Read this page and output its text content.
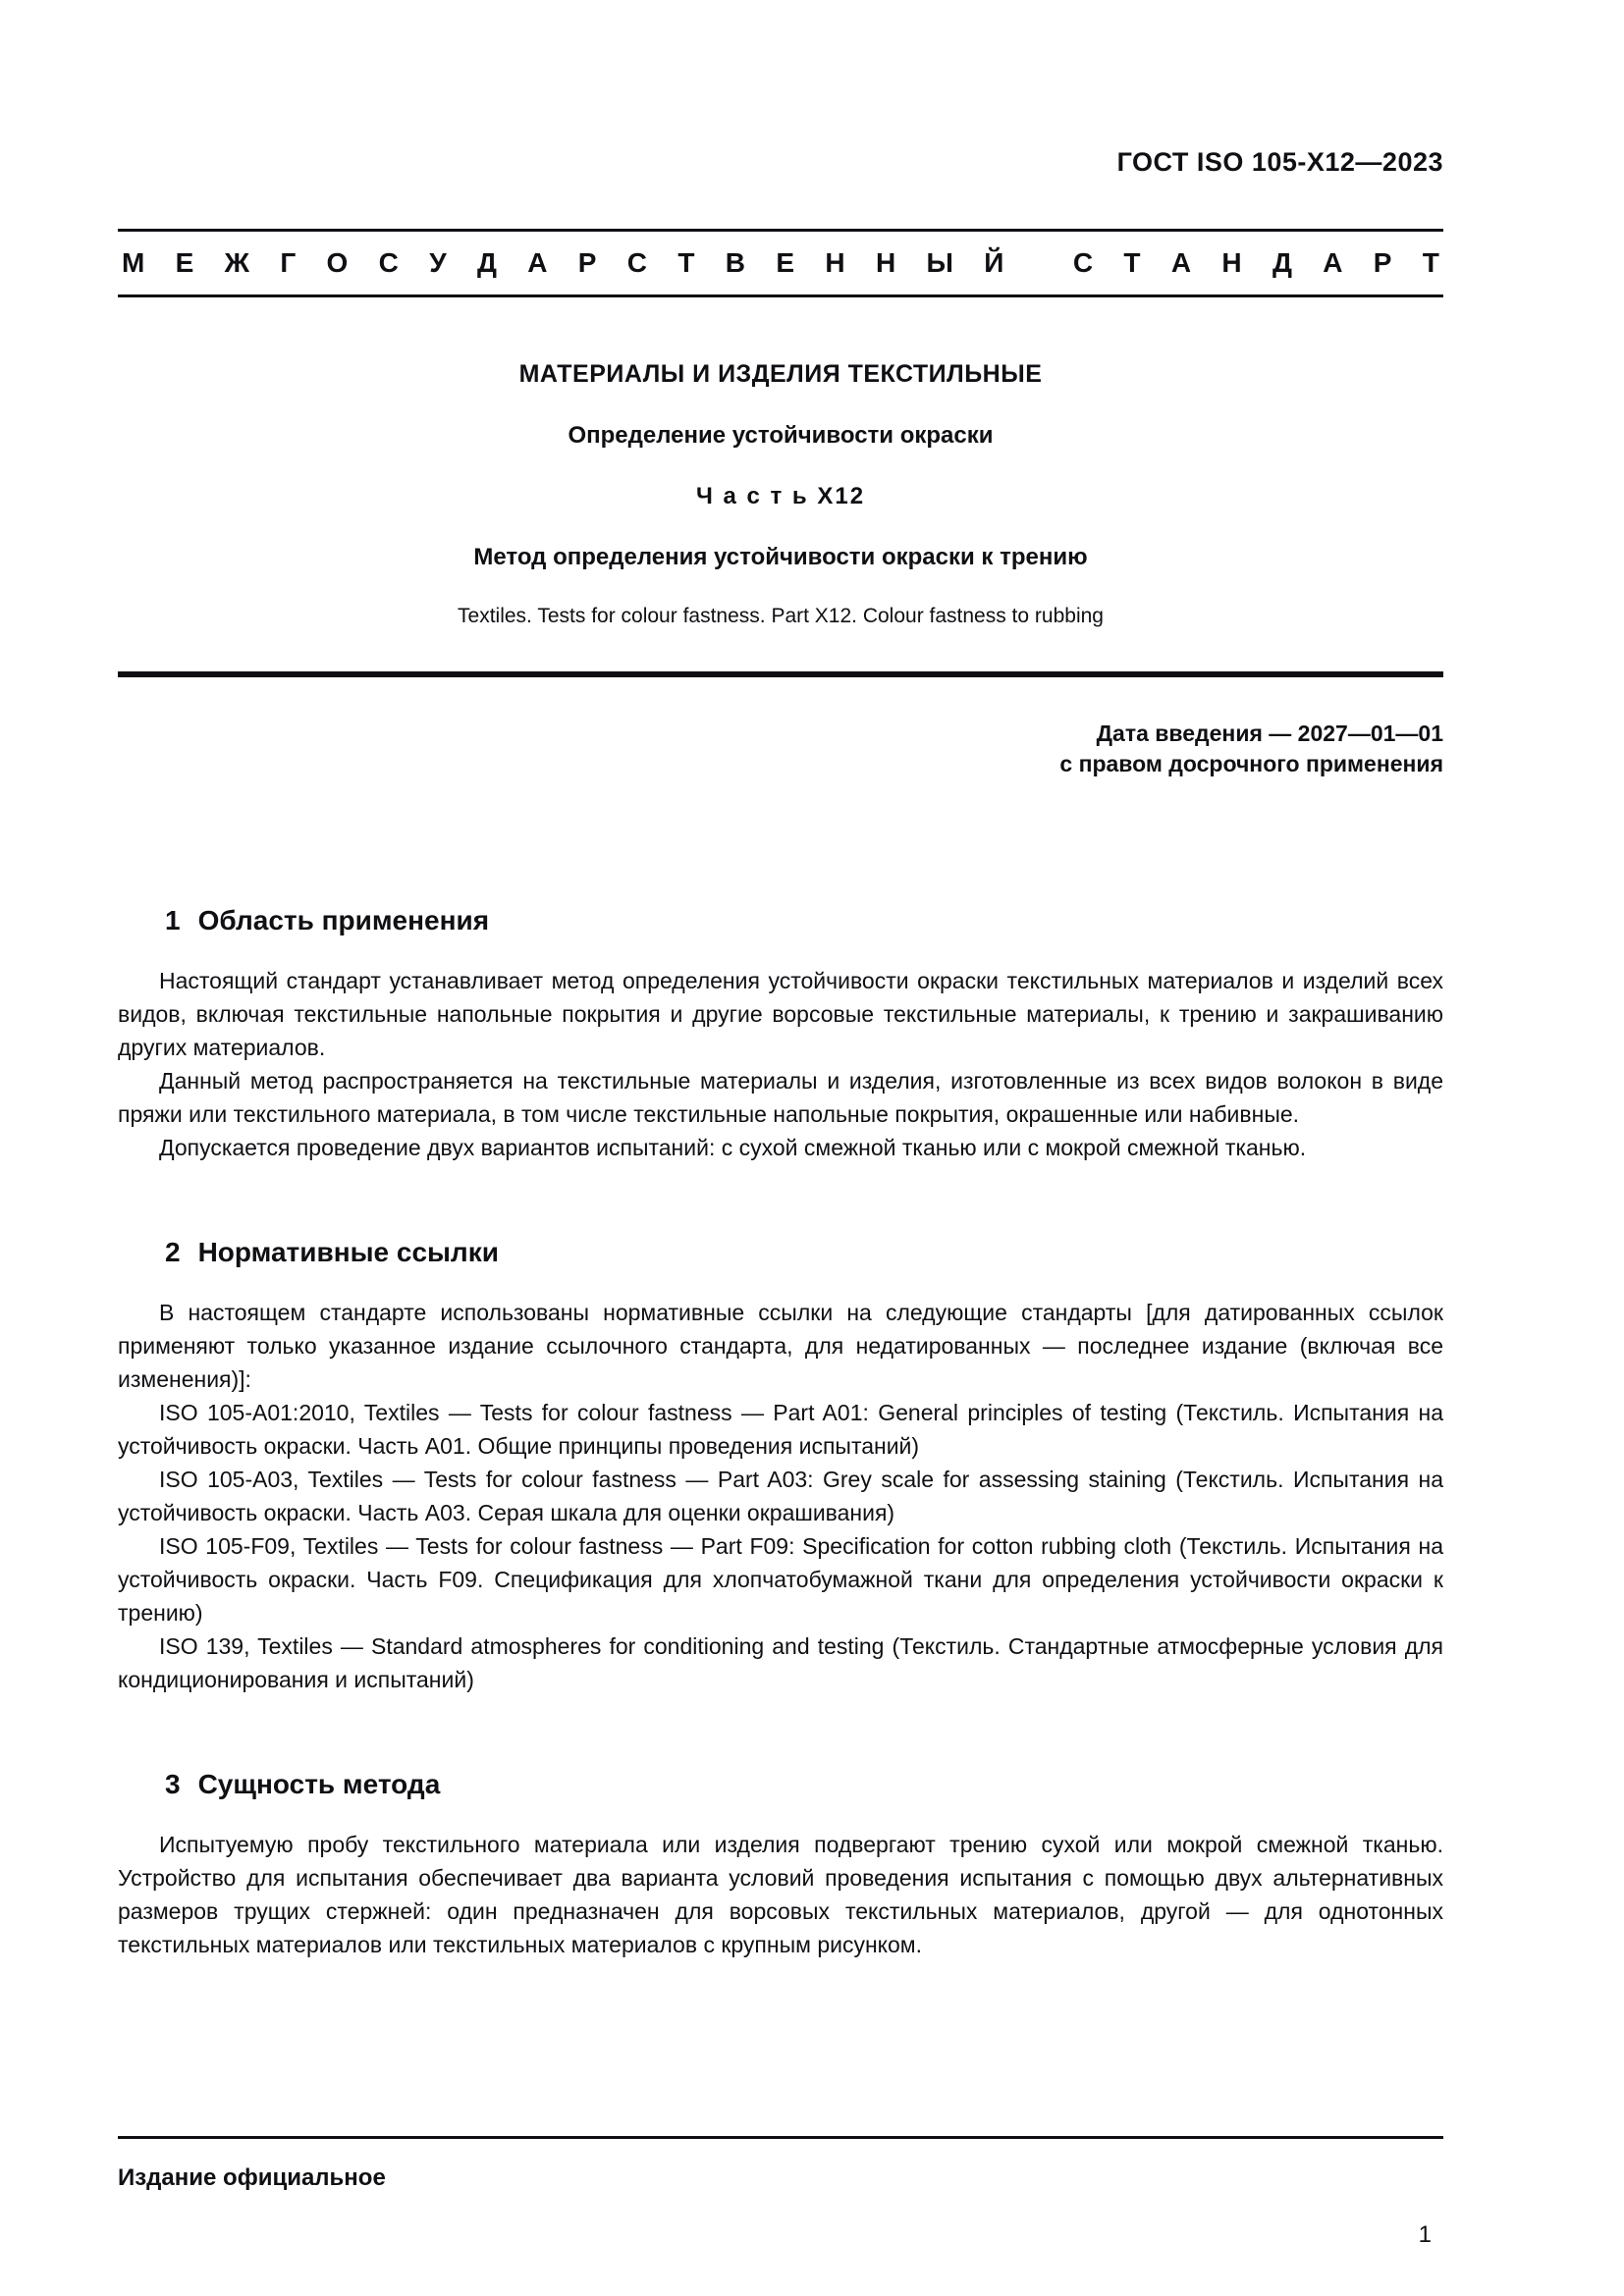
ГОСТ ISO 105-Х12—2023
М Е Ж Г О С У Д А Р С Т В Е Н Н Ы Й
	С Т А Н Д А Р Т
МАТЕРИАЛЫ И ИЗДЕЛИЯ ТЕКСТИЛЬНЫЕ
Определение устойчивости окраски
Ч а с т ь Х12
Метод определения устойчивости окраски к трению
Textiles. Tests for colour fastness. Part X12. Colour fastness to rubbing
Дата введения — 2027—01—01
с правом досрочного применения
1 Область применения

Настоящий стандарт устанавливает метод определения устойчивости окраски текстильных материалов и изделий всех видов, включая текстильные напольные покрытия и другие ворсовые текстильные материалы, к трению и закрашиванию других материалов.

Данный метод распространяется на текстильные материалы и изделия, изготовленные из всех видов волокон в виде пряжи или текстильного материала, в том числе текстильные напольные покрытия, окрашенные или набивные.

Допускается проведение двух вариантов испытаний: с сухой смежной тканью или с мокрой смежной тканью.

2 Нормативные ссылки

В настоящем стандарте использованы нормативные ссылки на следующие стандарты [для датированных ссылок применяют только указанное издание ссылочного стандарта, для недатированных — последнее издание (включая все изменения)]:

ISO 105-A01:2010, Textiles — Tests for colour fastness — Part A01: General principles of testing (Текстиль. Испытания на устойчивость окраски. Часть А01. Общие принципы проведения испытаний)

ISO 105-A03, Textiles — Tests for colour fastness — Part A03: Grey scale for assessing staining (Текстиль. Испытания на устойчивость окраски. Часть А03. Серая шкала для оценки окрашивания)

ISO 105-F09, Textiles — Tests for colour fastness — Part F09: Specification for cotton rubbing cloth (Текстиль. Испытания на устойчивость окраски. Часть F09. Спецификация для хлопчатобумажной ткани для определения устойчивости окраски к трению)

ISO 139, Textiles — Standard atmospheres for conditioning and testing (Текстиль. Стандартные атмосферные условия для кондиционирования и испытаний)

3 Сущность метода

Испытуемую пробу текстильного материала или изделия подвергают трению сухой или мокрой смежной тканью. Устройство для испытания обеспечивает два варианта условий проведения испытания с помощью двух альтернативных размеров трущих стержней: один предназначен для ворсовых текстильных материалов, другой — для однотонных текстильных материалов или текстильных материалов с крупным рисунком.

Издание официальное
1
